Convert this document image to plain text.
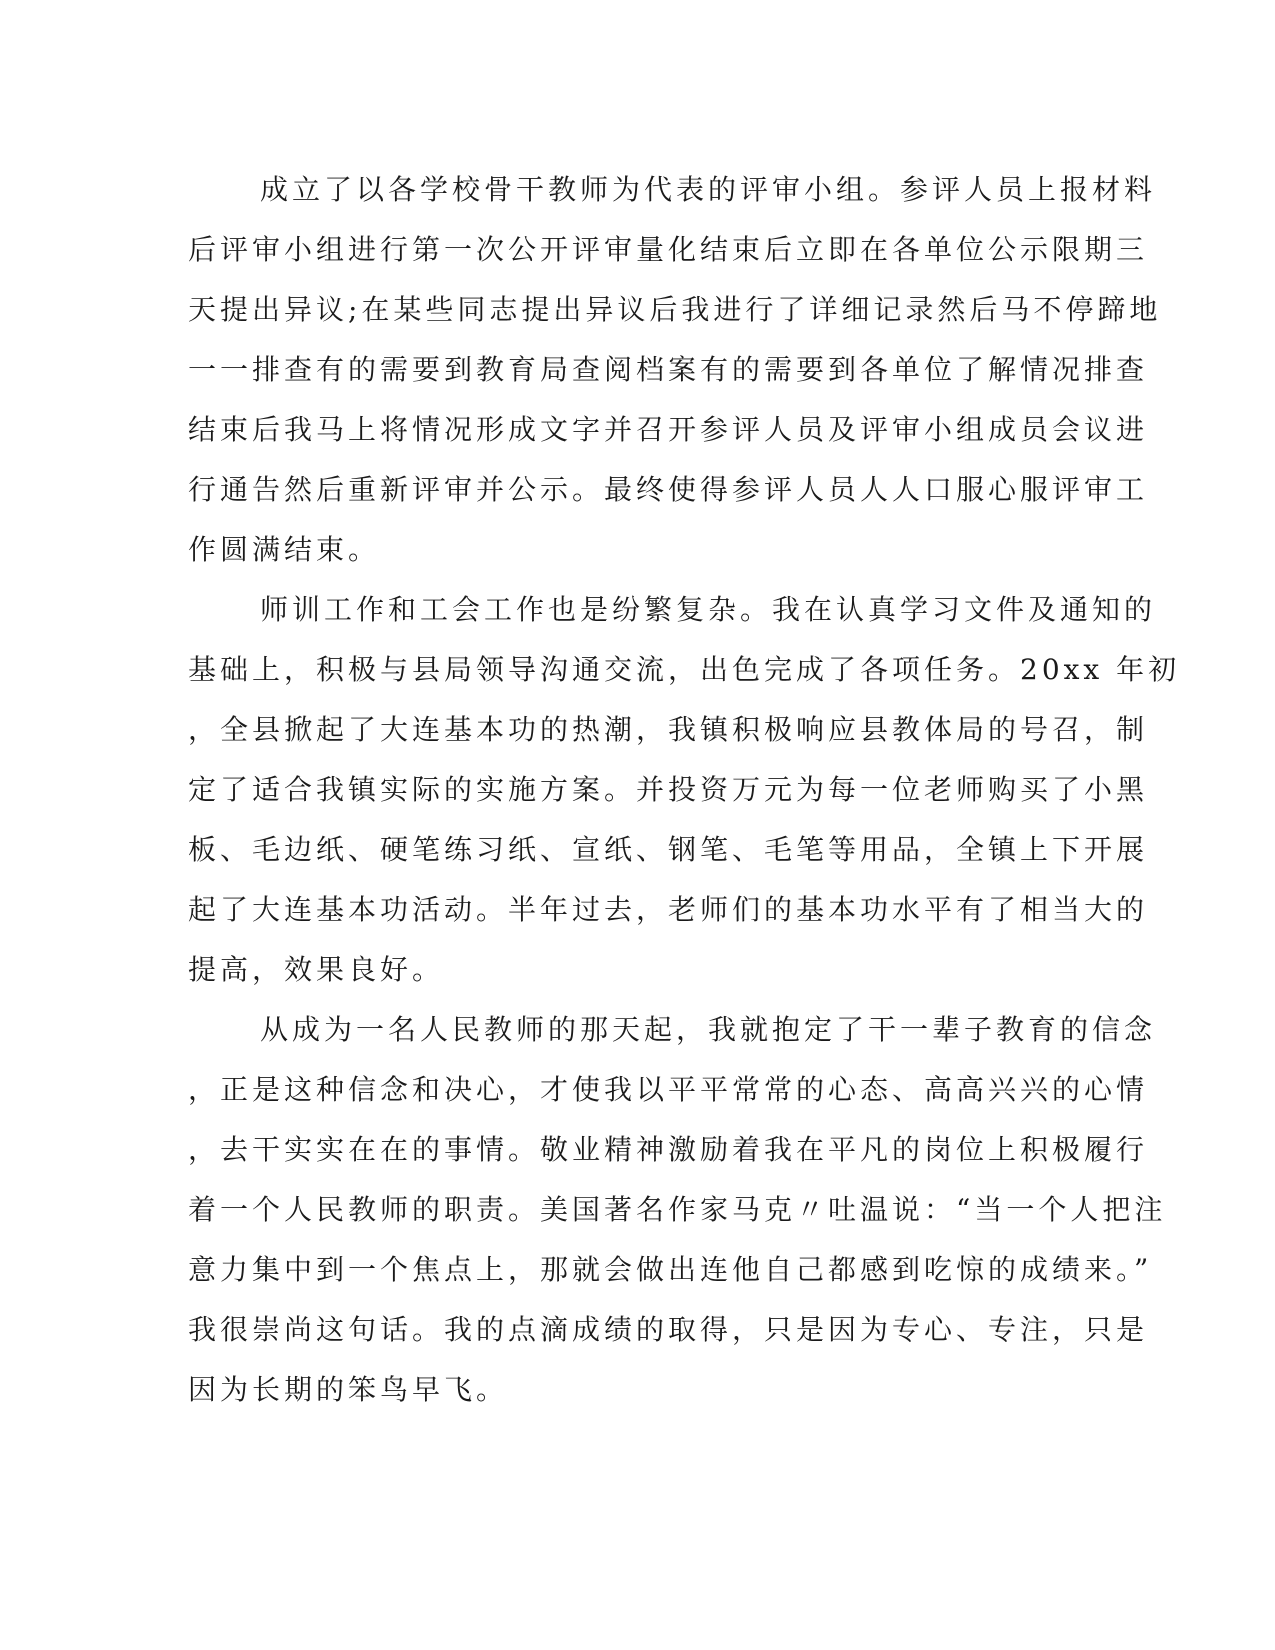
成立了以各学校骨干教师为代表的评审小组。参评人员上报材料
后评审小组进行第一次公开评审量化结束后立即在各单位公示限期三
天提出异议;在某些同志提出异议后我进行了详细记录然后马不停蹄地
一一排查有的需要到教育局查阅档案有的需要到各单位了解情况排查
结束后我马上将情况形成文字并召开参评人员及评审小组成员会议进
行通告然后重新评审并公示。最终使得参评人员人人口服心服评审工
作圆满结束。
师训工作和工会工作也是纷繁复杂。我在认真学习文件及通知的
基础上，积极与县局领导沟通交流，出色完成了各项任务。20xx 年初
，全县掀起了大连基本功的热潮，我镇积极响应县教体局的号召，制
定了适合我镇实际的实施方案。并投资万元为每一位老师购买了小黑
板、毛边纸、硬笔练习纸、宣纸、钢笔、毛笔等用品，全镇上下开展
起了大连基本功活动。半年过去，老师们的基本功水平有了相当大的
提高，效果良好。
从成为一名人民教师的那天起，我就抱定了干一辈子教育的信念
，正是这种信念和决心，才使我以平平常常的心态、高高兴兴的心情
，去干实实在在的事情。敬业精神激励着我在平凡的岗位上积极履行
着一个人民教师的职责。美国著名作家马克〃吐温说：“当一个人把注
意力集中到一个焦点上，那就会做出连他自己都感到吃惊的成绩来。”
我很崇尚这句话。我的点滴成绩的取得，只是因为专心、专注，只是
因为长期的笨鸟早飞。
